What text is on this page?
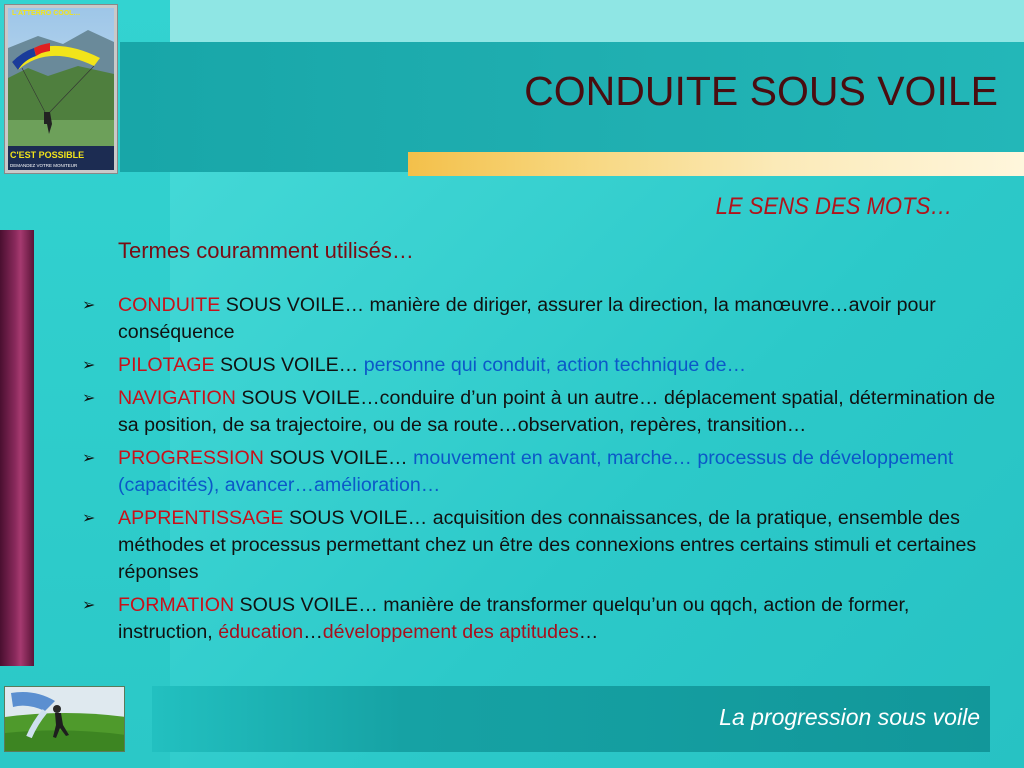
L'ATTERRO COOL…
C'EST POSSIBLE
DEMANDEZ VOTRE MONITEUR
CONDUITE SOUS VOILE
LE SENS DES MOTS…
Termes couramment utilisés…
➢ CONDUITE SOUS VOILE… manière de diriger, assurer la direction, la manœuvre…avoir pour conséquence
➢ PILOTAGE SOUS VOILE… personne qui conduit, action technique de…
➢ NAVIGATION SOUS VOILE…conduire d’un point à un autre… déplacement spatial, détermination de sa position, de sa trajectoire, ou de sa route…observation, repères, transition…
➢ PROGRESSION SOUS VOILE… mouvement en avant, marche… processus de développement (capacités), avancer…amélioration…
➢ APPRENTISSAGE SOUS VOILE… acquisition des connaissances, de la pratique, ensemble des méthodes et processus permettant chez un être des connexions entres certains stimuli et certaines réponses
➢ FORMATION SOUS VOILE… manière de transformer quelqu’un ou qqch, action de former, instruction, éducation…développement des aptitudes…
La progression sous voile
